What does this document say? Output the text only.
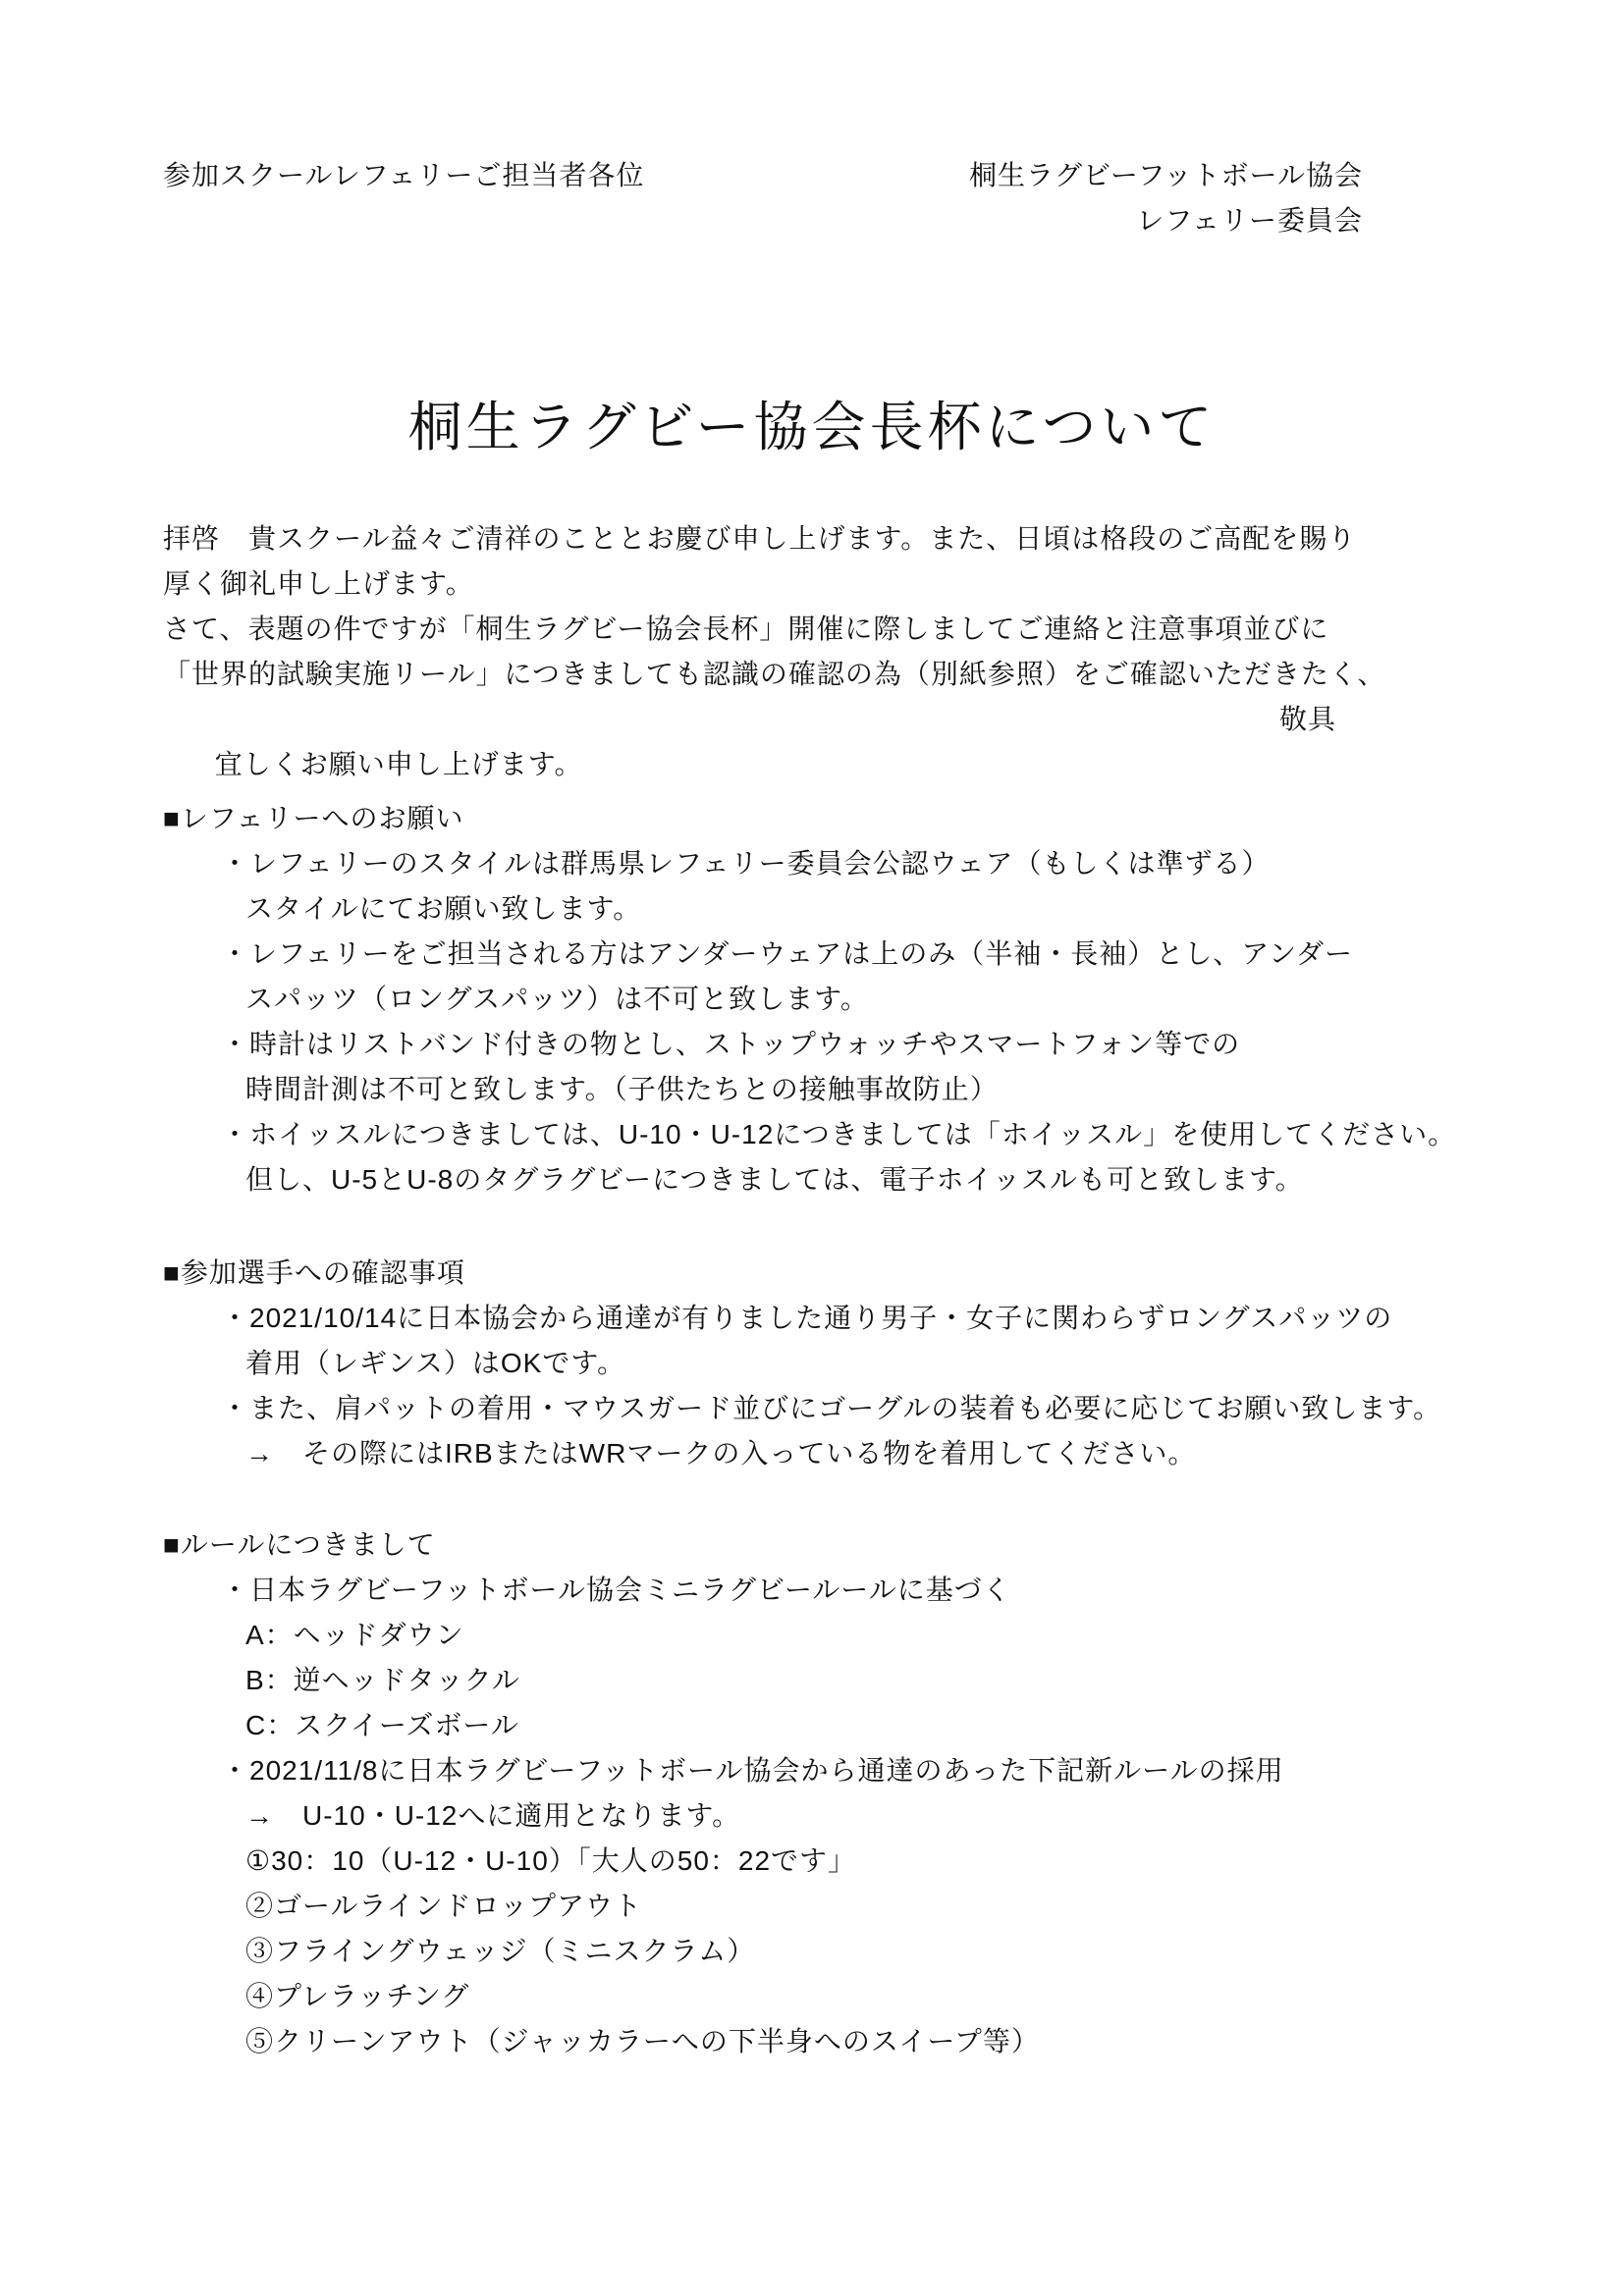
参加スクールレフェリーご担当者各位	桐生ラグビーフットボール協会
レフェリー委員会
桐生ラグビー協会長杯について
拝啓　貴スクール益々ご清祥のこととお慶び申し上げます。また、日頃は格段のご高配を賜り
厚く御礼申し上げます。
さて、表題の件ですが「桐生ラグビー協会長杯」開催に際しましてご連絡と注意事項並びに
「世界的試験実施リール」につきましても認識の確認の為（別紙参照）をご確認いただきたく、

宜しくお願い申し上げます。

敬具

■レフェリーへのお願い
・レフェリーのスタイルは群馬県レフェリー委員会公認ウェア（もしくは準ずる）
スタイルにてお願い致します。
・レフェリーをご担当される方はアンダーウェアは上のみ（半袖・長袖）とし、アンダー
スパッツ（ロングスパッツ）は不可と致します。
・時計はリストバンド付きの物とし、ストップウォッチやスマートフォン等での
時間計測は不可と致します。（子供たちとの接触事故防止）
・ホイッスルにつきましては、U-10・U-12につきましては「ホイッスル」を使用してください。
但し、U-5とU-8のタグラグビーにつきましては、電子ホイッスルも可と致します。
■参加選手への確認事項
・2021/10/14に日本協会から通達が有りました通り男子・女子に関わらずロングスパッツの
着用（レギンス）はOKです。
・また、肩パットの着用・マウスガード並びにゴーグルの装着も必要に応じてお願い致します。
→　その際にはIRBまたはWRマークの入っている物を着用してください。
■ルールにつきまして
・日本ラグビーフットボール協会ミニラグビールールに基づく
A：ヘッドダウン
B：逆ヘッドタックル
C：スクイーズボール
・2021/11/8に日本ラグビーフットボール協会から通達のあった下記新ルールの採用
→　U-10・U-12へに適用となります。
①30：10（U-12・U-10）「大人の50：22です」
②ゴールラインドロップアウト
③フライングウェッジ（ミニスクラム）
④プレラッチング
⑤クリーンアウト（ジャッカラーへの下半身へのスイープ等）
